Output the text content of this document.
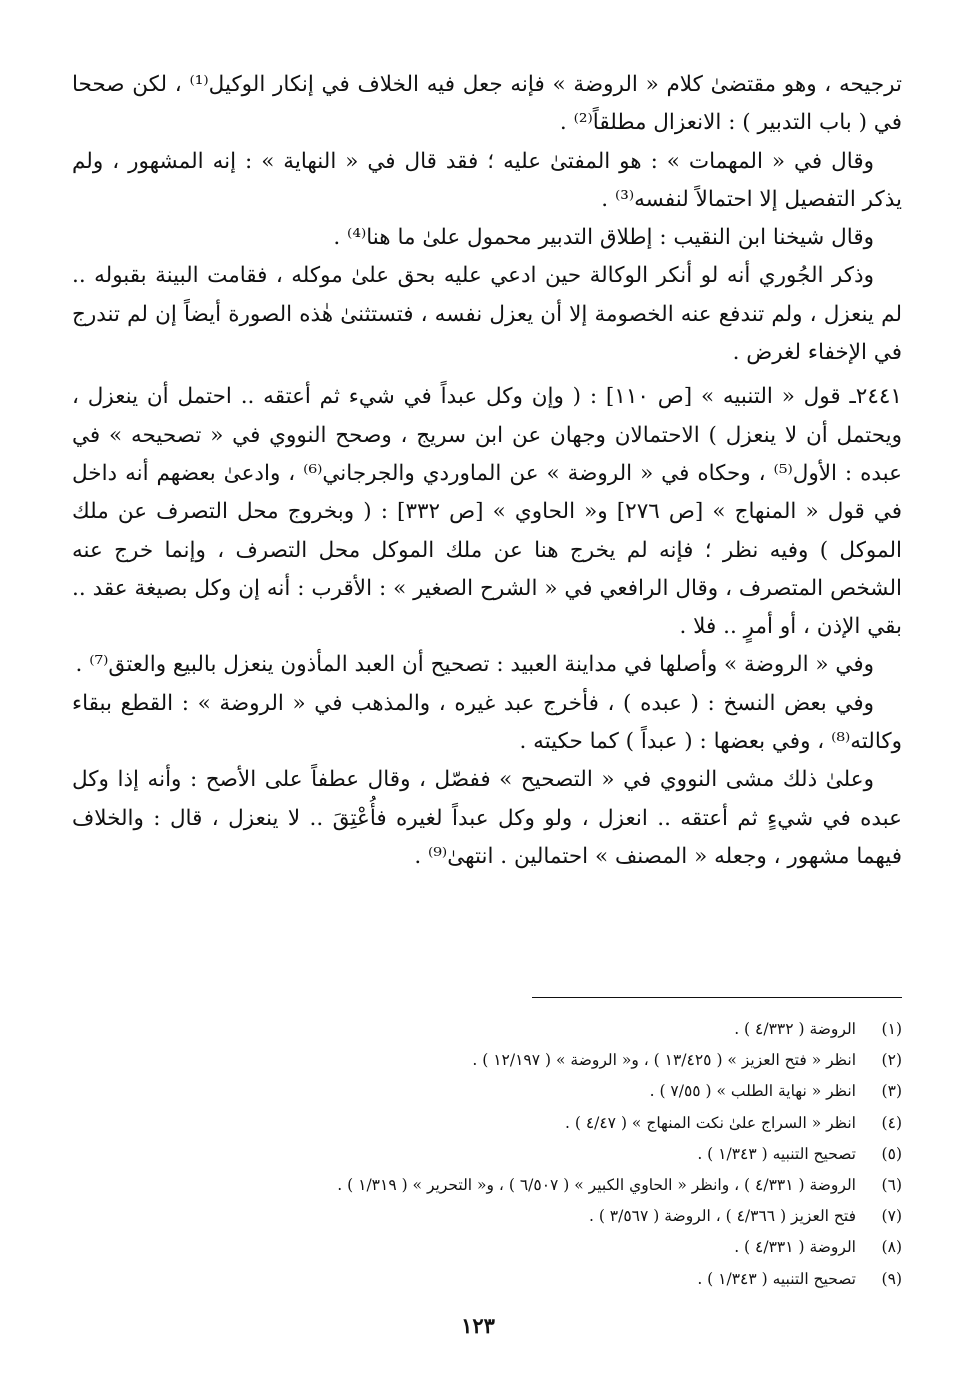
ترجيحه ، وهو مقتضىٰ كلام « الروضة » فإنه جعل فيه الخلاف في إنكار الوكيل⁽¹⁾ ، لكن صححا في ( باب التدبير ) : الانعزال مطلقاً⁽²⁾ .

وقال في « المهمات » : هو المفتىٰ عليه ؛ فقد قال في « النهاية » : إنه المشهور ، ولم يذكر التفصيل إلا احتمالاً لنفسه⁽³⁾ .

وقال شيخنا ابن النقيب : إطلاق التدبير محمول علىٰ ما هنا⁽⁴⁾ .

وذكر الجُوري أنه لو أنكر الوكالة حين ادعي عليه بحق علىٰ موكله ، فقامت البينة بقبوله .. لم ينعزل ، ولم تندفع عنه الخصومة إلا أن يعزل نفسه ، فتستثنىٰ هٰذه الصورة أيضاً إن لم تندرج في الإخفاء لغرض .

٢٤٤١ـ قول « التنبيه » [ص ١١٠] : ( وإن وكل عبداً في شيء ثم أعتقه .. احتمل أن ينعزل ، ويحتمل أن لا ينعزل ) الاحتمالان وجهان عن ابن سريج ، وصحح النووي في « تصحيحه » في عبده : الأول⁽⁵⁾ ، وحكاه في « الروضة » عن الماوردي والجرجاني⁽⁶⁾ ، وادعىٰ بعضهم أنه داخل في قول « المنهاج » [ص ٢٧٦] و« الحاوي » [ص ٣٣٢] : ( وبخروج محل التصرف عن ملك الموكل ) وفيه نظر ؛ فإنه لم يخرج هنا عن ملك الموكل محل التصرف ، وإنما خرج عنه الشخص المتصرف ، وقال الرافعي في « الشرح الصغير » : الأقرب : أنه إن وكل بصيغة عقد .. بقي الإذن ، أو أمرٍ .. فلا .

وفي « الروضة » وأصلها في مداينة العبيد : تصحيح أن العبد المأذون ينعزل بالبيع والعتق⁽⁷⁾ .

وفي بعض النسخ : ( عبده ) ، فأخرج عبد غيره ، والمذهب في « الروضة » : القطع ببقاء وكالته⁽⁸⁾ ، وفي بعضها : ( عبداً ) كما حكيته .

وعلىٰ ذلك مشى النووي في « التصحيح » ففصّل ، وقال عطفاً على الأصح : وأنه إذا وكل عبده في شيءٍ ثم أعتقه .. انعزل ، ولو وكل عبداً لغيره فأُعْتِقَ .. لا ينعزل ، قال : والخلاف فيهما مشهور ، وجعله « المصنف » احتمالين . انتهىٰ⁽⁹⁾ .

(١)
الروضة ( ٤/٣٣٢ ) .
(٢)
انظر « فتح العزيز » ( ١٣/٤٢٥ ) ، و« الروضة » ( ١٢/١٩٧ ) .
(٣)
انظر « نهاية الطلب » ( ٧/٥٥ ) .
(٤)
انظر « السراج علىٰ نكت المنهاج » ( ٤/٤٧ ) .
(٥)
تصحيح التنبيه ( ١/٣٤٣ ) .
(٦)
الروضة ( ٤/٣٣١ ) ، وانظر « الحاوي الكبير » ( ٦/٥٠٧ ) ، و« التحرير » ( ١/٣١٩ ) .
(٧)
فتح العزيز ( ٤/٣٦٦ ) ، الروضة ( ٣/٥٦٧ ) .
(٨)
الروضة ( ٤/٣٣١ ) .
(٩)
تصحيح التنبيه ( ١/٣٤٣ ) .
١٢٣
